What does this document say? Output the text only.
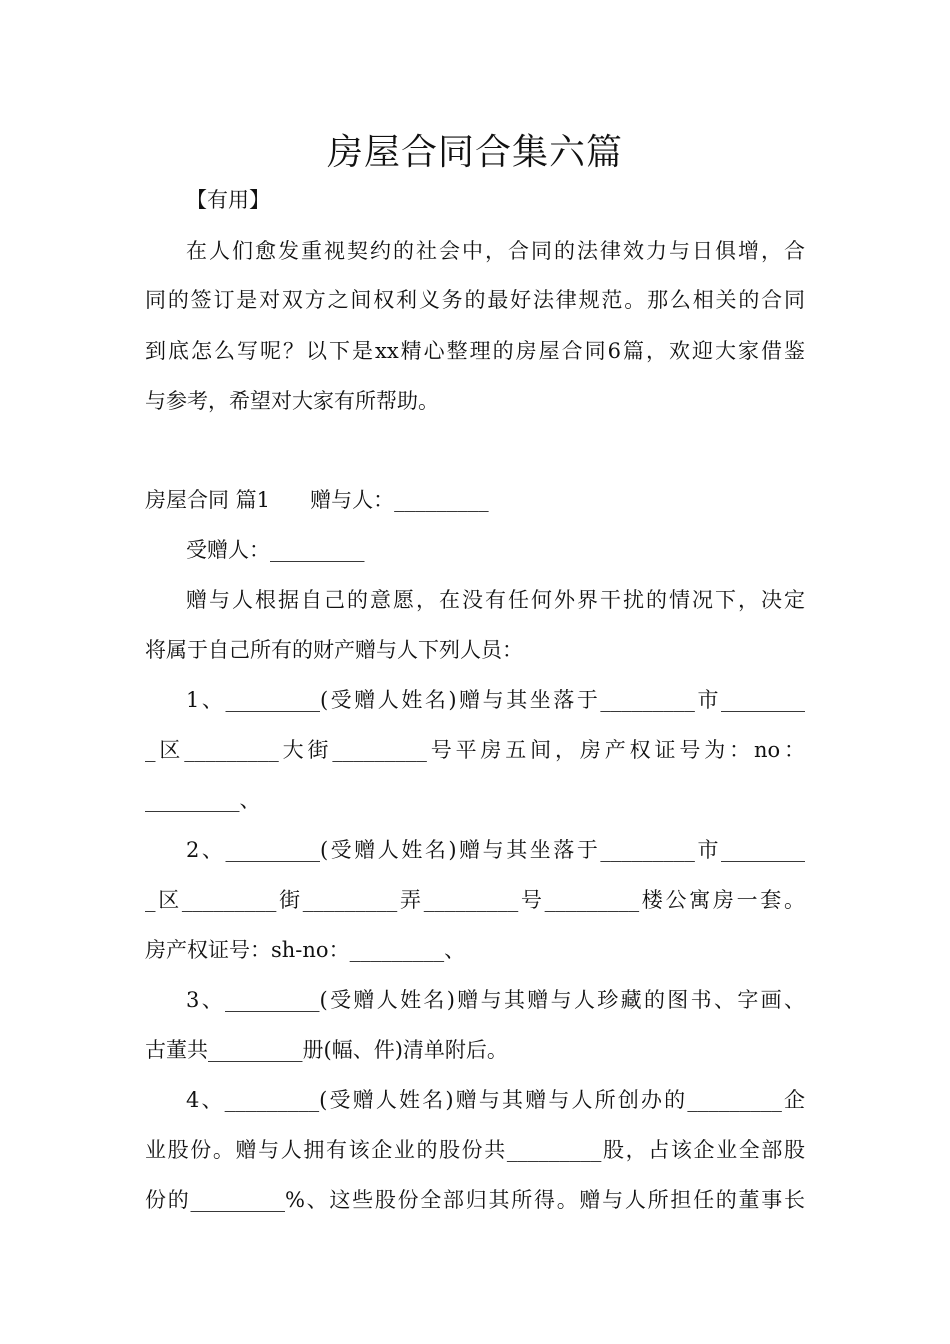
房屋合同合集六篇
【有用】
在人们愈发重视契约的社会中，合同的法律效力与日俱增，合
同的签订是对双方之间权利义务的最好法律规范。那么相关的合同
到底怎么写呢？以下是xx精心整理的房屋合同6篇，欢迎大家借鉴
与参考，希望对大家有所帮助。
房屋合同 篇1      赠与人：_________
受赠人：_________
赠与人根据自己的意愿，在没有任何外界干扰的情况下，决定
将属于自己所有的财产赠与人下列人员：
1、_________(受赠人姓名)赠与其坐落于_________市________
_区_________大街_________号平房五间，房产权证号为：no：
_________、
2、_________(受赠人姓名)赠与其坐落于_________市________
_区_________街_________弄_________号_________楼公寓房一套。
房产权证号：sh-no：_________、
3、_________(受赠人姓名)赠与其赠与人珍藏的图书、字画、
古董共_________册(幅、件)清单附后。
4、_________(受赠人姓名)赠与其赠与人所创办的_________企
业股份。赠与人拥有该企业的股份共_________股，占该企业全部股
份的_________%、这些股份全部归其所得。赠与人所担任的董事长
